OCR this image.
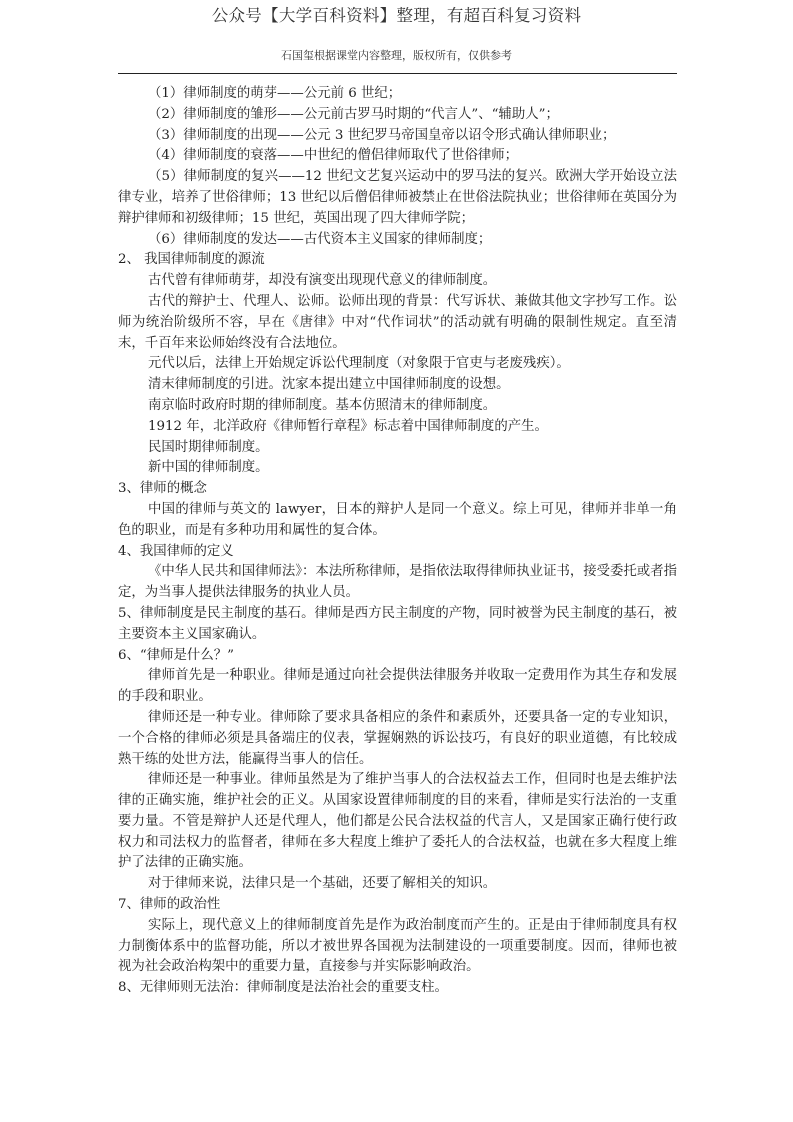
公众号【大学百科资料】整理，有超百科复习资料
石国玺根据课堂内容整理，版权所有，仅供参考

（1）律师制度的萌芽——公元前 6 世纪；

（2）律师制度的雏形——公元前古罗马时期的“代言人”、“辅助人”；

（3）律师制度的出现——公元 3 世纪罗马帝国皇帝以诏令形式确认律师职业；

（4）律师制度的衰落——中世纪的僧侣律师取代了世俗律师；

（5）律师制度的复兴——12 世纪文艺复兴运动中的罗马法的复兴。欧洲大学开始设立法律专业，培养了世俗律师；13 世纪以后僧侣律师被禁止在世俗法院执业；世俗律师在英国分为辩护律师和初级律师；15 世纪，英国出现了四大律师学院；

（6）律师制度的发达——古代资本主义国家的律师制度；

2、 我国律师制度的源流

古代曾有律师萌芽，却没有演变出现现代意义的律师制度。

古代的辩护士、代理人、讼师。讼师出现的背景：代写诉状、兼做其他文字抄写工作。讼师为统治阶级所不容，早在《唐律》中对“代作词状”的活动就有明确的限制性规定。直至清末，千百年来讼师始终没有合法地位。

元代以后，法律上开始规定诉讼代理制度（对象限于官吏与老废残疾）。

清末律师制度的引进。沈家本提出建立中国律师制度的设想。

南京临时政府时期的律师制度。基本仿照清末的律师制度。

1912 年，北洋政府《律师暂行章程》标志着中国律师制度的产生。

民国时期律师制度。

新中国的律师制度。

3、律师的概念

中国的律师与英文的 lawyer，日本的辩护人是同一个意义。综上可见，律师并非单一角色的职业，而是有多种功用和属性的复合体。

4、我国律师的定义

《中华人民共和国律师法》：本法所称律师，是指依法取得律师执业证书，接受委托或者指定，为当事人提供法律服务的执业人员。

5、律师制度是民主制度的基石。律师是西方民主制度的产物，同时被誉为民主制度的基石，被主要资本主义国家确认。

6、“律师是什么？”

律师首先是一种职业。律师是通过向社会提供法律服务并收取一定费用作为其生存和发展的手段和职业。

律师还是一种专业。律师除了要求具备相应的条件和素质外，还要具备一定的专业知识，一个合格的律师必须是具备端庄的仪表，掌握娴熟的诉讼技巧，有良好的职业道德，有比较成熟干练的处世方法，能赢得当事人的信任。

律师还是一种事业。律师虽然是为了维护当事人的合法权益去工作，但同时也是去维护法律的正确实施，维护社会的正义。从国家设置律师制度的目的来看，律师是实行法治的一支重要力量。不管是辩护人还是代理人，他们都是公民合法权益的代言人，又是国家正确行使行政权力和司法权力的监督者，律师在多大程度上维护了委托人的合法权益，也就在多大程度上维护了法律的正确实施。

对于律师来说，法律只是一个基础，还要了解相关的知识。

7、律师的政治性

实际上，现代意义上的律师制度首先是作为政治制度而产生的。正是由于律师制度具有权力制衡体系中的监督功能，所以才被世界各国视为法制建设的一项重要制度。因而，律师也被视为社会政治构架中的重要力量，直接参与并实际影响政治。

8、无律师则无法治：律师制度是法治社会的重要支柱。
